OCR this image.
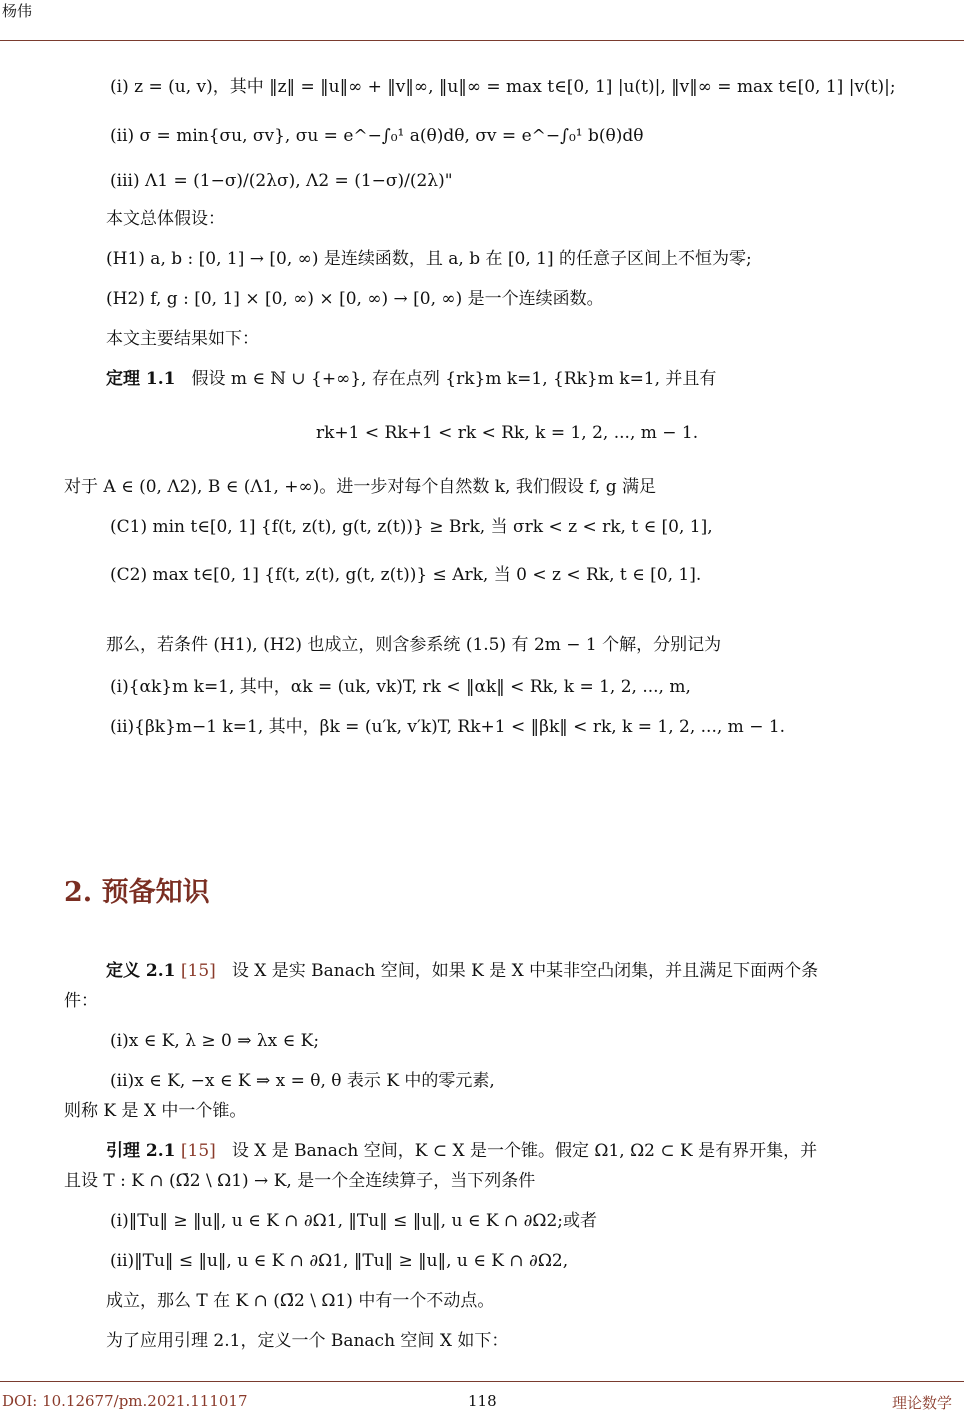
杨伟
(i) z = (u, v)，其中 ‖z‖ = ‖u‖∞ + ‖v‖∞, ‖u‖∞ = max t∈[0, 1] |u(t)|, ‖v‖∞ = max t∈[0, 1] |v(t)|;
(ii) σ = min{σu, σv}, σu = e^−∫₀¹ a(θ)dθ, σv = e^−∫₀¹ b(θ)dθ
(iii) Λ1 = (1−σ)/(2λσ), Λ2 = (1−σ)/(2λ)"
本文总体假设：
(H1) a, b : [0, 1] → [0, ∞) 是连续函数，且 a, b 在 [0, 1] 的任意子区间上不恒为零;
(H2) f, g : [0, 1] × [0, ∞) × [0, ∞) → [0, ∞) 是一个连续函数。
本文主要结果如下：
定理 1.1 假设 m ∈ ℕ ∪ {+∞}, 存在点列 {rk}m k=1, {Rk}m k=1, 并且有
rk+1 < Rk+1 < rk < Rk, k = 1, 2, ..., m − 1.
对于 A ∈ (0, Λ2), B ∈ (Λ1, +∞)。进一步对每个自然数 k, 我们假设 f, g 满足
(C1) min t∈[0, 1] {f(t, z(t), g(t, z(t))} ≥ Brk, 当 σrk < z < rk, t ∈ [0, 1],
(C2) max t∈[0, 1] {f(t, z(t), g(t, z(t))} ≤ Ark, 当 0 < z < Rk, t ∈ [0, 1].
那么，若条件 (H1), (H2) 也成立，则含参系统 (1.5) 有 2m − 1 个解，分别记为
(i){αk}m k=1, 其中，αk = (uk, vk)T, rk < ‖αk‖ < Rk, k = 1, 2, ..., m,
(ii){βk}m−1 k=1, 其中，βk = (u′k, v′k)T, Rk+1 < ‖βk‖ < rk, k = 1, 2, ..., m − 1.
2. 预备知识
定义 2.1 [15] 设 X 是实 Banach 空间，如果 K 是 X 中某非空凸闭集，并且满足下面两个条
件：
(i)x ∈ K, λ ≥ 0 ⇒ λx ∈ K;
(ii)x ∈ K, −x ∈ K ⇒ x = θ, θ 表示 K 中的零元素,
则称 K 是 X 中一个锥。
引理 2.1 [15] 设 X 是 Banach 空间，K ⊂ X 是一个锥。假定 Ω1, Ω2 ⊂ K 是有界开集，并
且设 T : K ∩ (Ω̄2 \ Ω1) → K, 是一个全连续算子，当下列条件
(i)‖Tu‖ ≥ ‖u‖, u ∈ K ∩ ∂Ω1, ‖Tu‖ ≤ ‖u‖, u ∈ K ∩ ∂Ω2;或者
(ii)‖Tu‖ ≤ ‖u‖, u ∈ K ∩ ∂Ω1, ‖Tu‖ ≥ ‖u‖, u ∈ K ∩ ∂Ω2,
成立，那么 T 在 K ∩ (Ω̄2 \ Ω1) 中有一个不动点。
为了应用引理 2.1，定义一个 Banach 空间 X 如下：
DOI: 10.12677/pm.2021.111017	118	理论数学
